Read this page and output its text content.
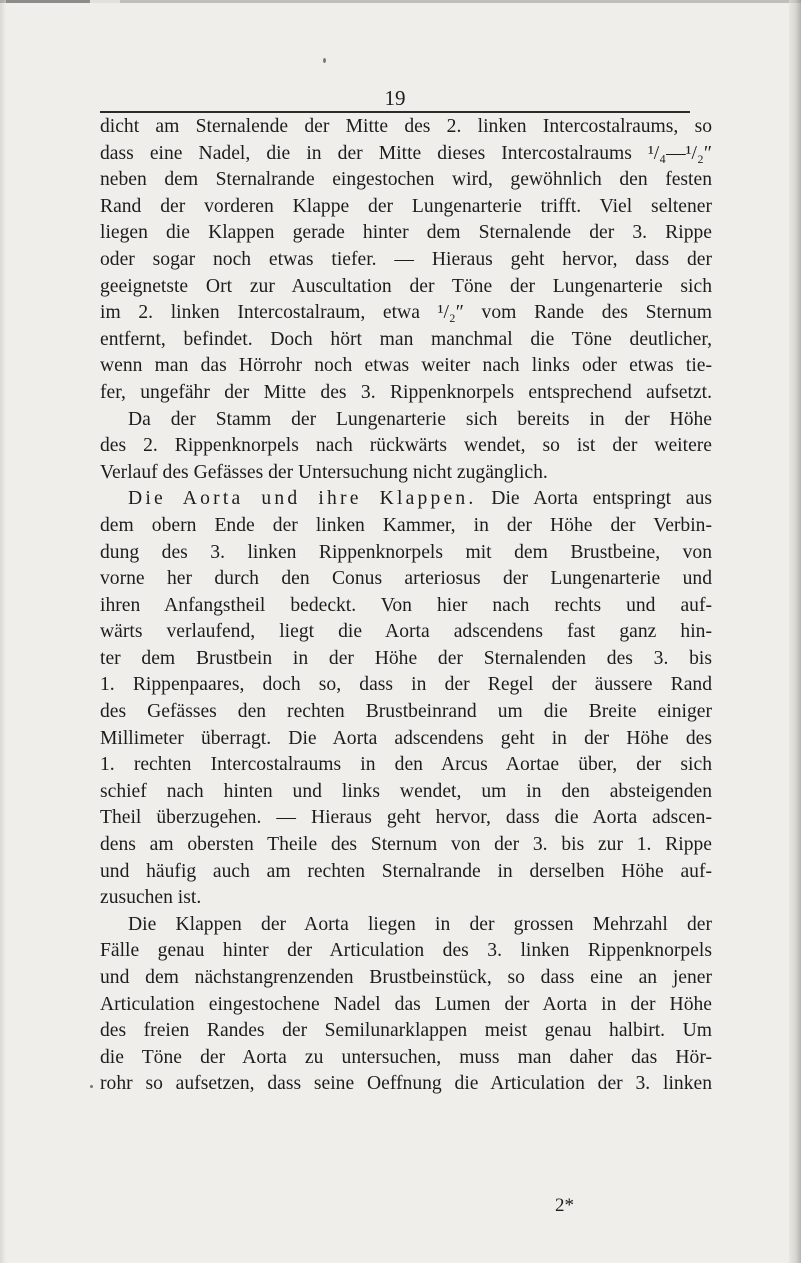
19
dicht am Sternalende der Mitte des 2. linken Intercostalraums, so
dass eine Nadel, die in der Mitte dieses Intercostalraums ¹/₄—¹/₂″
neben dem Sternalrande eingestochen wird, gewöhnlich den festen
Rand der vorderen Klappe der Lungenarterie trifft. Viel seltener
liegen die Klappen gerade hinter dem Sternalende der 3. Rippe
oder sogar noch etwas tiefer. — Hieraus geht hervor, dass der
geeignetste Ort zur Auscultation der Töne der Lungenarterie sich
im 2. linken Intercostalraum, etwa ¹/₂″ vom Rande des Sternum
entfernt, befindet. Doch hört man manchmal die Töne deutlicher,
wenn man das Hörrohr noch etwas weiter nach links oder etwas tie-
fer, ungefähr der Mitte des 3. Rippenknorpels entsprechend aufsetzt.
Da der Stamm der Lungenarterie sich bereits in der Höhe
des 2. Rippenknorpels nach rückwärts wendet, so ist der weitere
Verlauf des Gefässes der Untersuchung nicht zugänglich.
Die Aorta und ihre Klappen. Die Aorta entspringt aus
dem obern Ende der linken Kammer, in der Höhe der Verbin-
dung des 3. linken Rippenknorpels mit dem Brustbeine, von
vorne her durch den Conus arteriosus der Lungenarterie und
ihren Anfangstheil bedeckt. Von hier nach rechts und auf-
wärts verlaufend, liegt die Aorta adscendens fast ganz hin-
ter dem Brustbein in der Höhe der Sternalenden des 3. bis
1. Rippenpaares, doch so, dass in der Regel der äussere Rand
des Gefässes den rechten Brustbeinrand um die Breite einiger
Millimeter überragt. Die Aorta adscendens geht in der Höhe des
1. rechten Intercostalraums in den Arcus Aortae über, der sich
schief nach hinten und links wendet, um in den absteigenden
Theil überzugehen. — Hieraus geht hervor, dass die Aorta adscen-
dens am obersten Theile des Sternum von der 3. bis zur 1. Rippe
und häufig auch am rechten Sternalrande in derselben Höhe auf-
zusuchen ist.
Die Klappen der Aorta liegen in der grossen Mehrzahl der
Fälle genau hinter der Articulation des 3. linken Rippenknorpels
und dem nächstangrenzenden Brustbeinstück, so dass eine an jener
Articulation eingestochene Nadel das Lumen der Aorta in der Höhe
des freien Randes der Semilunarklappen meist genau halbirt. Um
die Töne der Aorta zu untersuchen, muss man daher das Hör-
rohr so aufsetzen, dass seine Oeffnung die Articulation der 3. linken
2*
